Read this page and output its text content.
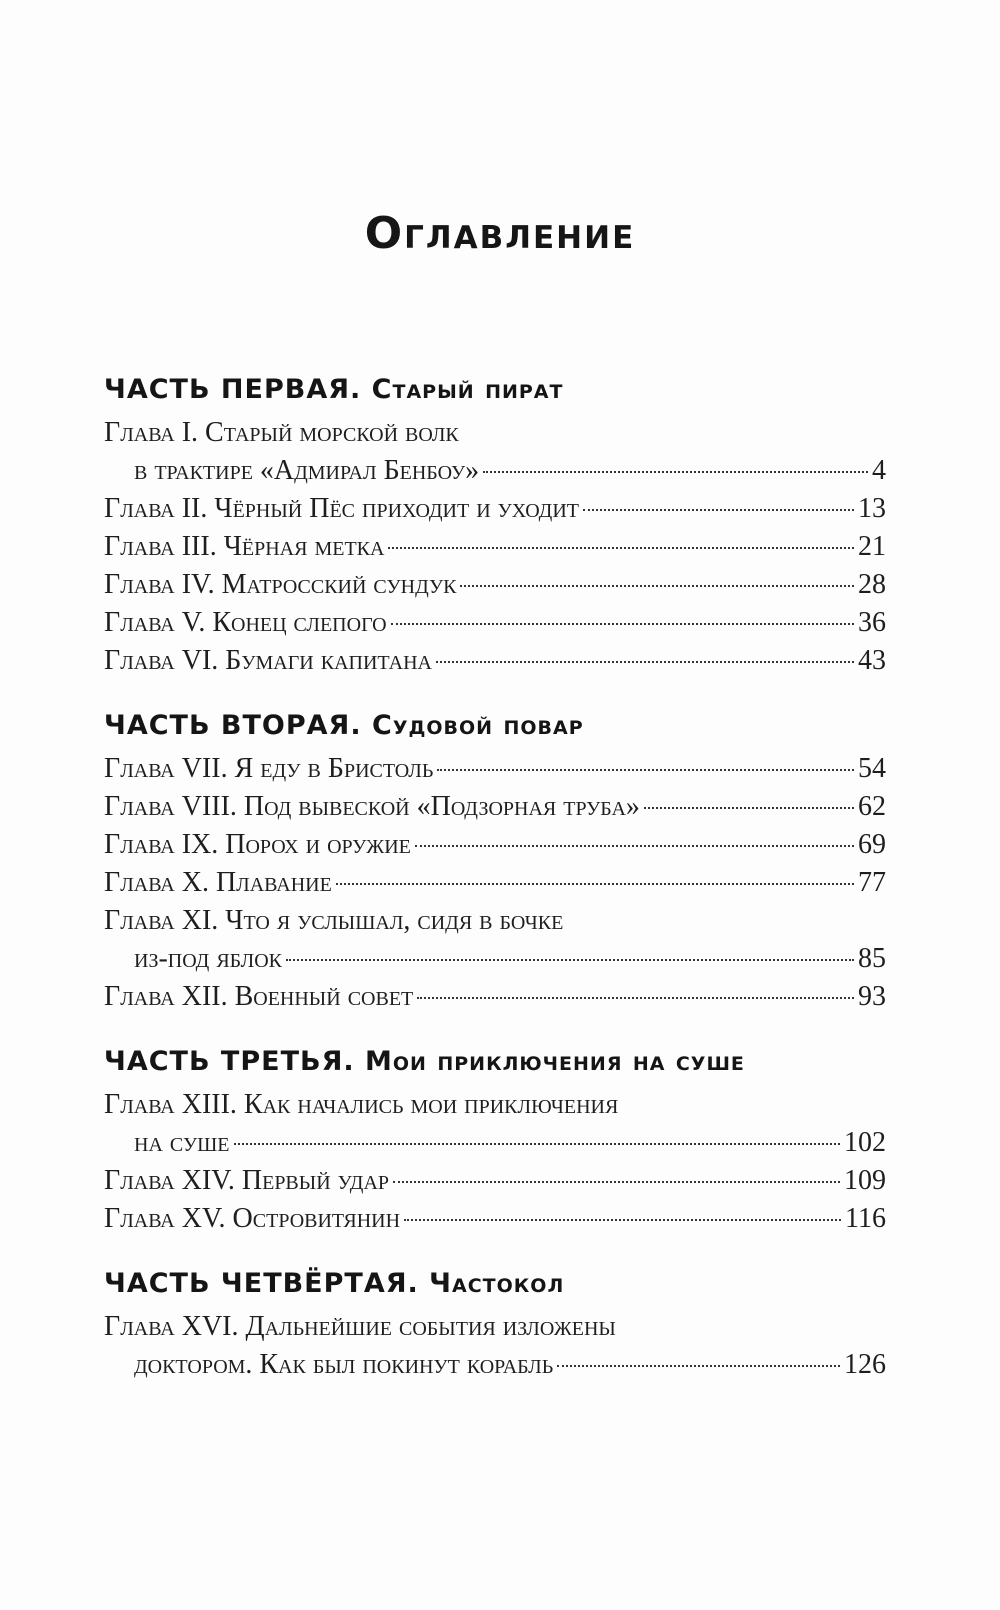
Оглавление
ЧАСТЬ ПЕРВАЯ. Старый пират
Глава I. Старый морской волк
в трактире «Адмирал Бенбоу»	4
Глава II. Чёрный Пёс приходит и уходит	13
Глава III. Чёрная метка	21
Глава IV. Матросский сундук	28
Глава V. Конец слепого	36
Глава VI. Бумаги капитана	43
ЧАСТЬ ВТОРАЯ. Судовой повар
Глава VII. Я еду в Бристоль	54
Глава VIII. Под вывеской «Подзорная труба»	62
Глава IX. Порох и оружие	69
Глава X. Плавание	77
Глава XI. Что я услышал, сидя в бочке
из-под яблок	85
Глава XII. Военный совет	93
ЧАСТЬ ТРЕТЬЯ. Мои приключения на суше
Глава XIII. Как начались мои приключения
на суше	102
Глава XIV. Первый удар	109
Глава XV. Островитянин	116
ЧАСТЬ ЧЕТВЁРТАЯ. Частокол
Глава XVI. Дальнейшие события изложены
доктором. Как был покинут корабль	126
